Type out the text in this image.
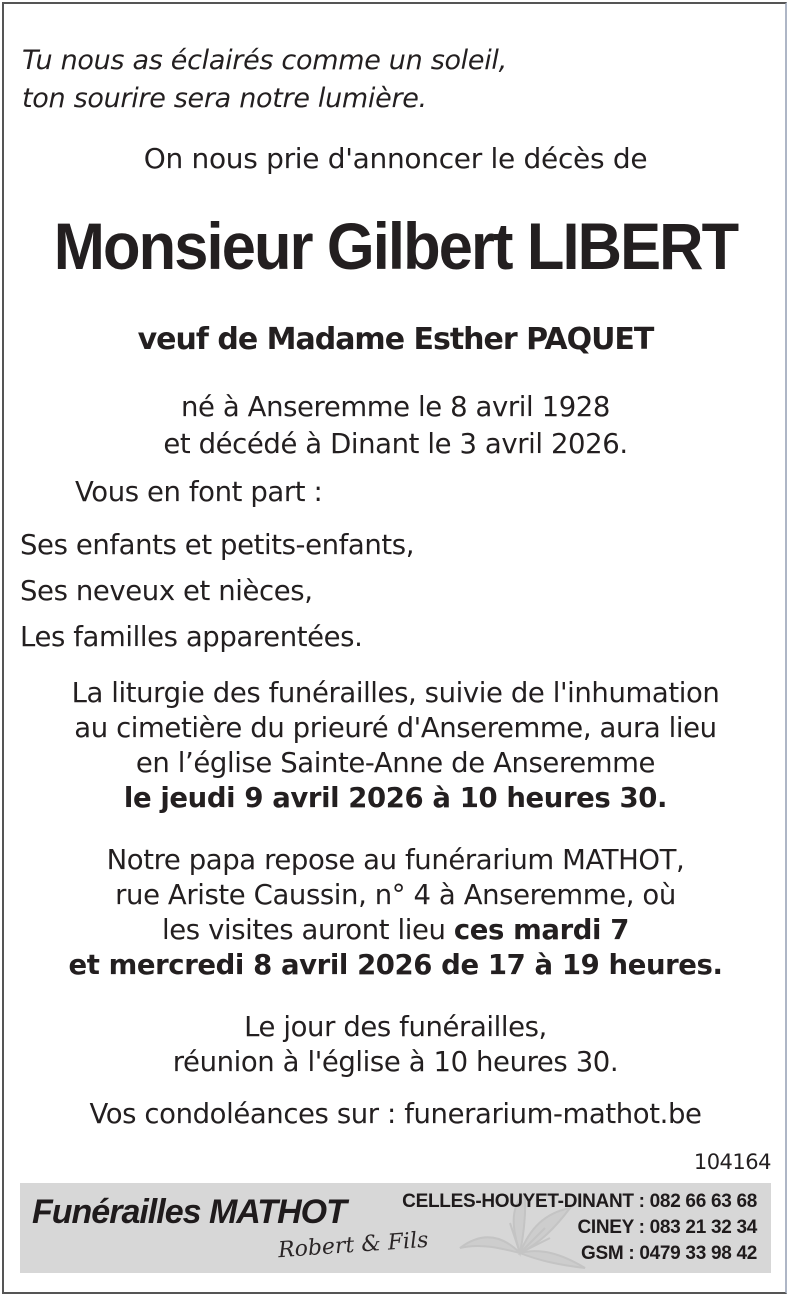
Tu nous as éclairés comme un soleil,
ton sourire sera notre lumière.
On nous prie d'annoncer le décès de
Monsieur Gilbert LIBERT
veuf de Madame Esther PAQUET
né à Anseremme le 8 avril 1928
et décédé à Dinant le 3 avril 2026.
Vous en font part :
Ses enfants et petits-enfants,
Ses neveux et nièces,
Les familles apparentées.
La liturgie des funérailles, suivie de l'inhumation
au cimetière du prieuré d'Anseremme, aura lieu
en l’église Sainte-Anne de Anseremme
le jeudi 9 avril 2026 à 10 heures 30.
Notre papa repose au funérarium MATHOT,
rue Ariste Caussin, n° 4 à Anseremme, où
les visites auront lieu ces mardi 7
et mercredi 8 avril 2026 de 17 à 19 heures.
Le jour des funérailles,
réunion à l'église à 10 heures 30.
Vos condoléances sur : funerarium-mathot.be
104164
Funérailles MATHOT
Robert & Fils
CELLES-HOUYET-DINANT : 082 66 63 68
CINEY : 083 21 32 34
GSM : 0479 33 98 42
